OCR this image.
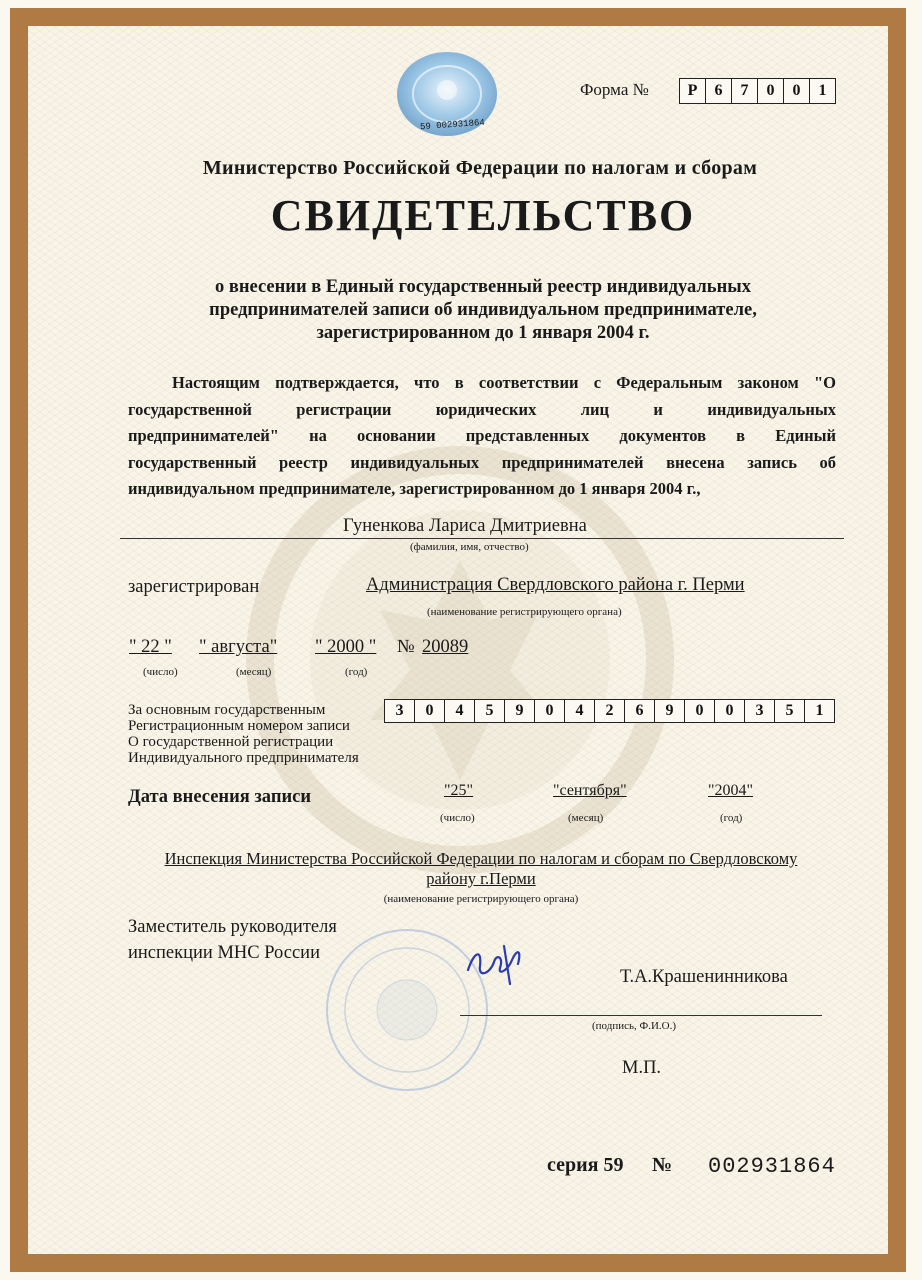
59 002931864
Форма №	Р	6	7	0	0	1
Министерство Российской Федерации по налогам и сборам
СВИДЕТЕЛЬСТВО
о внесении в Единый государственный реестр индивидуальных
предпринимателей записи об индивидуальном предпринимателе,
зарегистрированном до 1 января 2004 г.
Настоящим подтверждается, что в соответствии с Федеральным законом "О
государственной регистрации юридических лиц и индивидуальных
предпринимателей" на основании представленных документов в Единый
государственный реестр индивидуальных предпринимателей внесена запись об
индивидуальном предпринимателе, зарегистрированном до 1 января 2004 г.,
Гуненкова Лариса Дмитриевна
(фамилия, имя, отчество)
зарегистрирован	Администрация Свердловского района г. Перми
(наименование регистрирующего органа)
" 22 " " августа" " 2000 " № 20089
(число)	(месяц)	(год)
За основным государственным
Регистрационным номером записи
О государственной регистрации
Индивидуального предпринимателя
3	0	4	5	9	0	4	2	6	9	0	0	3	5	1
Дата внесения записи	"25"	"сентября"	"2004"
(число)	(месяц)	(год)
Инспекция Министерства Российской Федерации по налогам и сборам по Свердловскому
району г.Перми
(наименование регистрирующего органа)
Заместитель руководителя
инспекции МНС России
Т.А.Крашенинникова
(подпись, Ф.И.О.)
М.П.
серия 59 № 002931864
